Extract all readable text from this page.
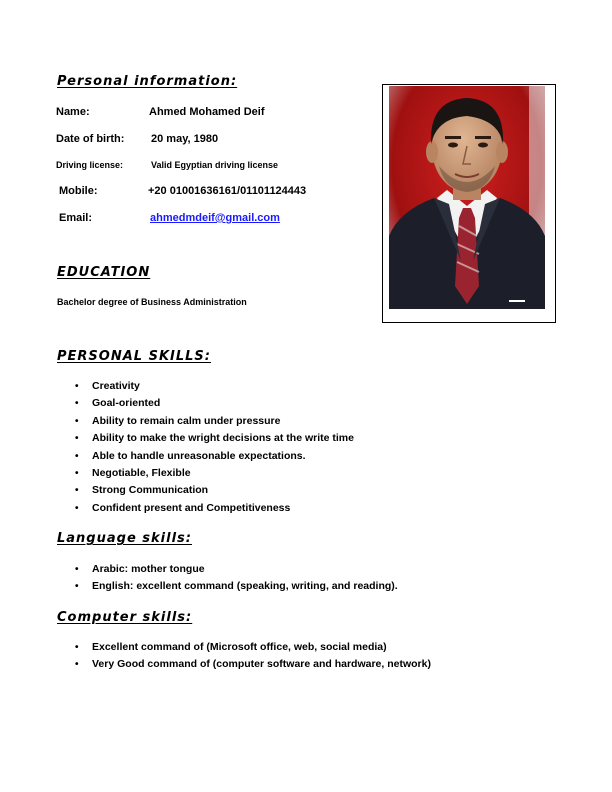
Personal information:
Name:	Ahmed Mohamed Deif
Date of birth: 20 may, 1980
Driving license:	Valid Egyptian driving license
Mobile:	+20 01001636161/01101124443
Email:	ahmedmdeif@gmail.com
EDUCATION
Bachelor degree of Business Administration
PERSONAL SKILLS:
• Creativity
• Goal-oriented
• Ability to remain calm under pressure
• Ability to make the wright decisions at the write time
• Able to handle unreasonable expectations.
• Negotiable, Flexible
• Strong Communication
• Confident present and Competitiveness
Language skills:
• Arabic: mother tongue
• English: excellent command (speaking, writing, and reading).
Computer skills:
• Excellent command of (Microsoft office, web, social media)
• Very Good command of (computer software and hardware, network)
